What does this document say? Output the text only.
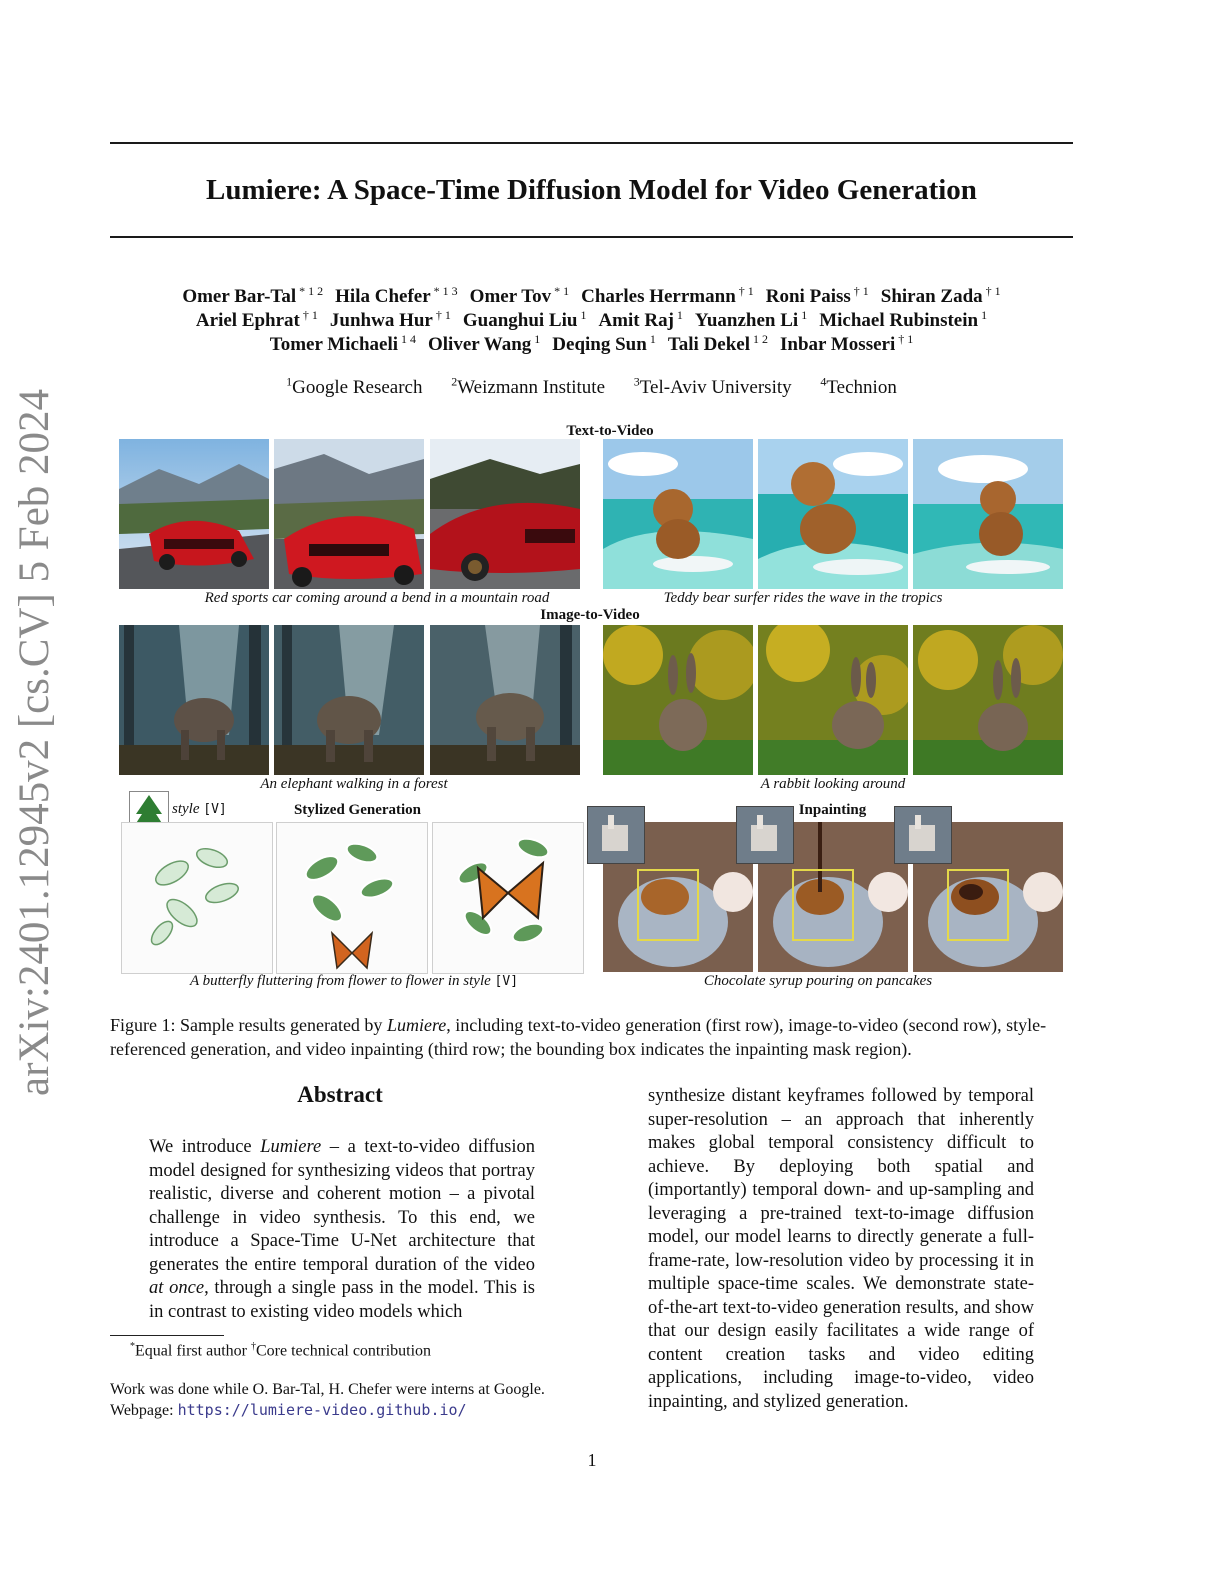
arXiv:2401.12945v2 [cs.CV] 5 Feb 2024
Lumiere: A Space-Time Diffusion Model for Video Generation
Omer Bar-Tal $^{* 1 2}$ Hila Chefer $^{* 1 3}$ Omer Tov $^{* 1}$ Charles Herrmann $^{\dagger 1}$ Roni Paiss $^{\dagger 1}$ Shiran Zada $^{\dagger 1}$
Ariel Ephrat $^{\dagger 1}$ Junhwa Hur $^{\dagger 1}$ Guanghui Liu $^1$ Amit Raj $^1$ Yuanzhen Li $^1$ Michael Rubinstein $^1$
Tomer Michaeli $^{1 4}$ Oliver Wang $^1$ Deqing Sun $^1$ Tali Dekel $^{1 2}$ Inbar Mosseri $^{\dagger 1}$
$^1$Google Research $^2$Weizmann Institute $^3$Tel-Aviv University $^4$Technion
Text-to-Video
Red sports car coming around a bend in a mountain road	Teddy bear surfer rides the wave in the tropics
Image-to-Video
An elephant walking in a forest	A rabbit looking around
style [V]	Stylized Generation
A butterfly fluttering from flower to flower in style [V]
Inpainting
Chocolate syrup pouring on pancakes
Figure 1: Sample results generated by Lumiere, including text-to-video generation (first row), image-to-video (second row), style-referenced generation, and video inpainting (third row; the bounding box indicates the inpainting mask region).
Abstract
We introduce Lumiere – a text-to-video diffusion model designed for synthesizing videos that portray realistic, diverse and coherent motion – a pivotal challenge in video synthesis. To this end, we introduce a Space-Time U-Net architecture that generates the entire temporal duration of the video at once, through a single pass in the model. This is in contrast to existing video models which
synthesize distant keyframes followed by temporal super-resolution – an approach that inherently makes global temporal consistency difficult to achieve. By deploying both spatial and (importantly) temporal down- and up-sampling and leveraging a pre-trained text-to-image diffusion model, our model learns to directly generate a full-frame-rate, low-resolution video by processing it in multiple space-time scales. We demonstrate state-of-the-art text-to-video generation results, and show that our design easily facilitates a wide range of content creation tasks and video editing applications, including image-to-video, video inpainting, and stylized generation.
*Equal first author †Core technical contribution
Work was done while O. Bar-Tal, H. Chefer were interns at Google.
Webpage: https://lumiere-video.github.io/
1
